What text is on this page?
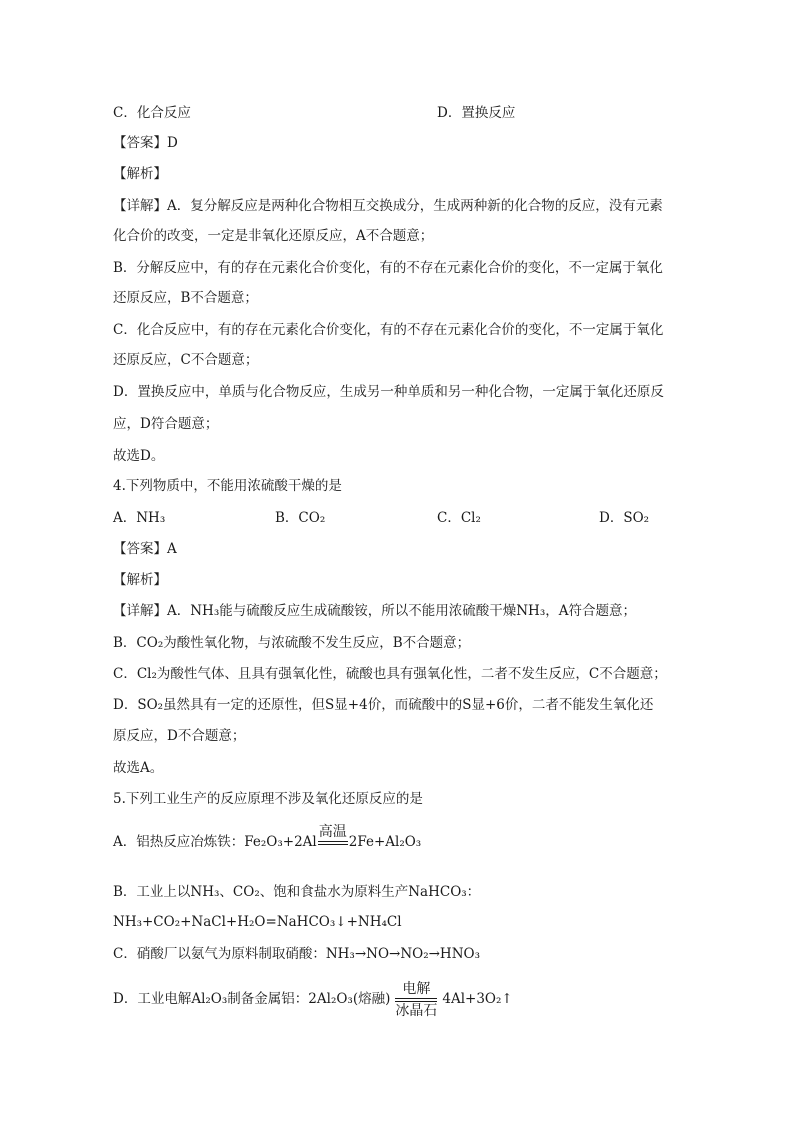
C．化合反应	D．置换反应
【答案】D
【解析】
【详解】A．复分解反应是两种化合物相互交换成分，生成两种新的化合物的反应，没有元素
化合价的改变，一定是非氧化还原反应，A不合题意；
B．分解反应中，有的存在元素化合价变化，有的不存在元素化合价的变化，不一定属于氧化
还原反应，B不合题意；
C．化合反应中，有的存在元素化合价变化，有的不存在元素化合价的变化，不一定属于氧化
还原反应，C不合题意；
D．置换反应中，单质与化合物反应，生成另一种单质和另一种化合物，一定属于氧化还原反
应，D符合题意；
故选D。
4.下列物质中，不能用浓硫酸干燥的是
A．NH₃	B．CO₂	C．Cl₂	D．SO₂
【答案】A
【解析】
【详解】A．NH₃能与硫酸反应生成硫酸铵，所以不能用浓硫酸干燥NH₃，A符合题意；
B．CO₂为酸性氧化物，与浓硫酸不发生反应，B不合题意；
C．Cl₂为酸性气体、且具有强氧化性，硫酸也具有强氧化性，二者不发生反应，C不合题意；
D．SO₂虽然具有一定的还原性，但S显+4价，而硫酸中的S显+6价，二者不能发生氧化还
原反应，D不合题意；
故选A。
5.下列工业生产的反应原理不涉及氧化还原反应的是
A．铝热反应冶炼铁：Fe₂O₃+2Al
高温
2Fe+Al₂O₃
B．工业上以NH₃、CO₂、饱和食盐水为原料生产NaHCO₃：
NH₃+CO₂+NaCl+H₂O=NaHCO₃↓+NH₄Cl
C．硝酸厂以氨气为原料制取硝酸：NH₃→NO→NO₂→HNO₃
D．工业电解Al₂O₃制备金属铝：2Al₂O₃(熔融) $\frac{\text{电解}}{\text{冰晶石}}$ 4Al+3O₂↑
